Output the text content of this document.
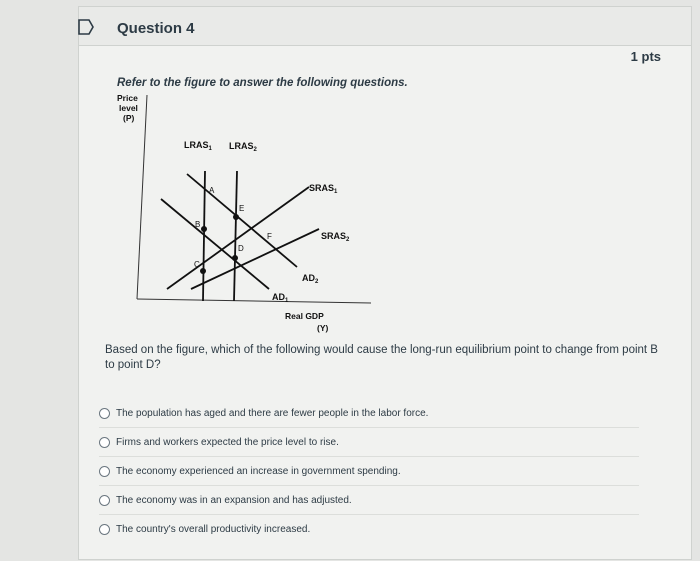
Question 4
1 pts
Refer to the figure to answer the following questions.
Price
level
(P)
$LRAS_1$ $LRAS_2$
$SRAS_1$
$SRAS_2$
$AD_2$
$AD_1$
Real GDP
(Y)
A
B
C
D
E
F
Based on the figure, which of the following would cause the long-run equilibrium point to change from point B to point D?
The population has aged and there are fewer people in the labor force.
Firms and workers expected the price level to rise.
The economy experienced an increase in government spending.
The economy was in an expansion and has adjusted.
The country's overall productivity increased.
